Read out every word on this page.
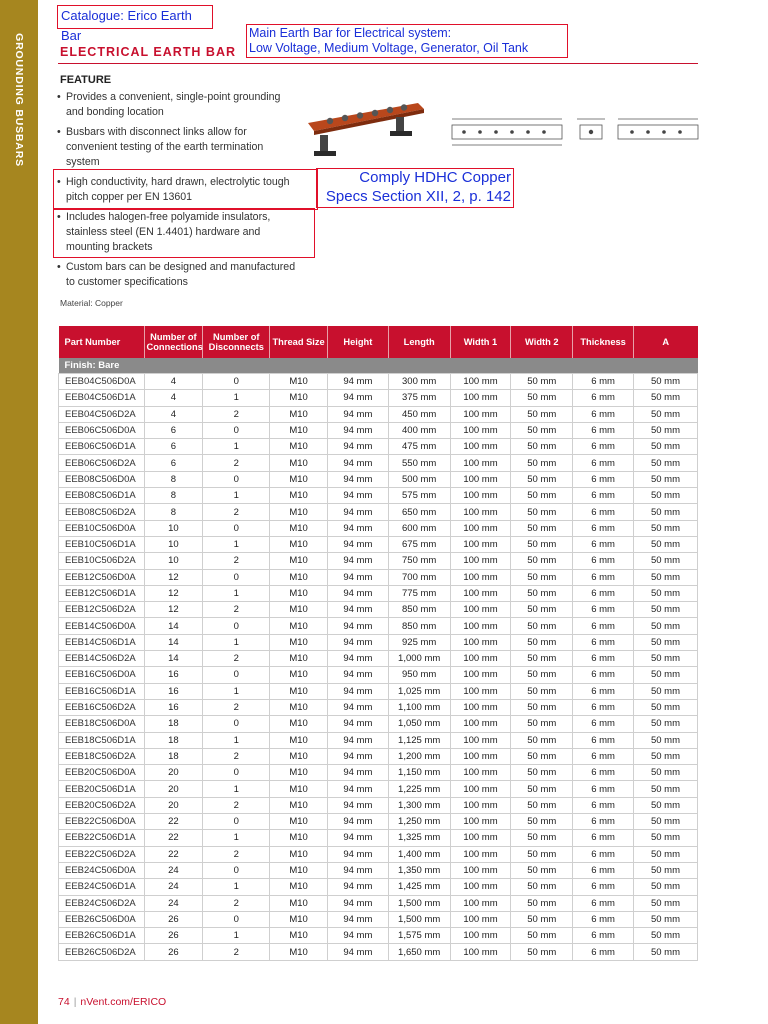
GROUNDING BUSBARS
Catalogue: Erico Earth Bar	Main Earth Bar for Electrical system:
Low Voltage, Medium Voltage, Generator, Oil Tank
ELECTRICAL EARTH BAR
FEATURE
• Provides a convenient, single-point grounding and bonding location
• Busbars with disconnect links allow for convenient testing of the earth termination system
• High conductivity, hard drawn, electrolytic tough pitch copper per EN 13601
• Includes halogen-free polyamide insulators, stainless steel (EN 1.4401) hardware and mounting brackets
• Custom bars can be designed and manufactured to customer specifications
Comply HDHC Copper
Specs Section XII, 2, p. 142
Material: Copper
Part Number	Number of Connections	Number of Disconnects	Thread Size	Height	Length	Width 1	Width 2	Thickness	A
Finish: Bare									
EEB04C506D0A	4	0	M10	94 mm	300 mm	100 mm	50 mm	6 mm	50 mm
EEB04C506D1A	4	1	M10	94 mm	375 mm	100 mm	50 mm	6 mm	50 mm
EEB04C506D2A	4	2	M10	94 mm	450 mm	100 mm	50 mm	6 mm	50 mm
EEB06C506D0A	6	0	M10	94 mm	400 mm	100 mm	50 mm	6 mm	50 mm
EEB06C506D1A	6	1	M10	94 mm	475 mm	100 mm	50 mm	6 mm	50 mm
EEB06C506D2A	6	2	M10	94 mm	550 mm	100 mm	50 mm	6 mm	50 mm
EEB08C506D0A	8	0	M10	94 mm	500 mm	100 mm	50 mm	6 mm	50 mm
EEB08C506D1A	8	1	M10	94 mm	575 mm	100 mm	50 mm	6 mm	50 mm
EEB08C506D2A	8	2	M10	94 mm	650 mm	100 mm	50 mm	6 mm	50 mm
EEB10C506D0A	10	0	M10	94 mm	600 mm	100 mm	50 mm	6 mm	50 mm
EEB10C506D1A	10	1	M10	94 mm	675 mm	100 mm	50 mm	6 mm	50 mm
EEB10C506D2A	10	2	M10	94 mm	750 mm	100 mm	50 mm	6 mm	50 mm
EEB12C506D0A	12	0	M10	94 mm	700 mm	100 mm	50 mm	6 mm	50 mm
EEB12C506D1A	12	1	M10	94 mm	775 mm	100 mm	50 mm	6 mm	50 mm
EEB12C506D2A	12	2	M10	94 mm	850 mm	100 mm	50 mm	6 mm	50 mm
EEB14C506D0A	14	0	M10	94 mm	850 mm	100 mm	50 mm	6 mm	50 mm
EEB14C506D1A	14	1	M10	94 mm	925 mm	100 mm	50 mm	6 mm	50 mm
EEB14C506D2A	14	2	M10	94 mm	1,000 mm	100 mm	50 mm	6 mm	50 mm
EEB16C506D0A	16	0	M10	94 mm	950 mm	100 mm	50 mm	6 mm	50 mm
EEB16C506D1A	16	1	M10	94 mm	1,025 mm	100 mm	50 mm	6 mm	50 mm
EEB16C506D2A	16	2	M10	94 mm	1,100 mm	100 mm	50 mm	6 mm	50 mm
EEB18C506D0A	18	0	M10	94 mm	1,050 mm	100 mm	50 mm	6 mm	50 mm
EEB18C506D1A	18	1	M10	94 mm	1,125 mm	100 mm	50 mm	6 mm	50 mm
EEB18C506D2A	18	2	M10	94 mm	1,200 mm	100 mm	50 mm	6 mm	50 mm
EEB20C506D0A	20	0	M10	94 mm	1,150 mm	100 mm	50 mm	6 mm	50 mm
EEB20C506D1A	20	1	M10	94 mm	1,225 mm	100 mm	50 mm	6 mm	50 mm
EEB20C506D2A	20	2	M10	94 mm	1,300 mm	100 mm	50 mm	6 mm	50 mm
EEB22C506D0A	22	0	M10	94 mm	1,250 mm	100 mm	50 mm	6 mm	50 mm
EEB22C506D1A	22	1	M10	94 mm	1,325 mm	100 mm	50 mm	6 mm	50 mm
EEB22C506D2A	22	2	M10	94 mm	1,400 mm	100 mm	50 mm	6 mm	50 mm
EEB24C506D0A	24	0	M10	94 mm	1,350 mm	100 mm	50 mm	6 mm	50 mm
EEB24C506D1A	24	1	M10	94 mm	1,425 mm	100 mm	50 mm	6 mm	50 mm
EEB24C506D2A	24	2	M10	94 mm	1,500 mm	100 mm	50 mm	6 mm	50 mm
EEB26C506D0A	26	0	M10	94 mm	1,500 mm	100 mm	50 mm	6 mm	50 mm
EEB26C506D1A	26	1	M10	94 mm	1,575 mm	100 mm	50 mm	6 mm	50 mm
EEB26C506D2A	26	2	M10	94 mm	1,650 mm	100 mm	50 mm	6 mm	50 mm
74 | nVent.com/ERICO
